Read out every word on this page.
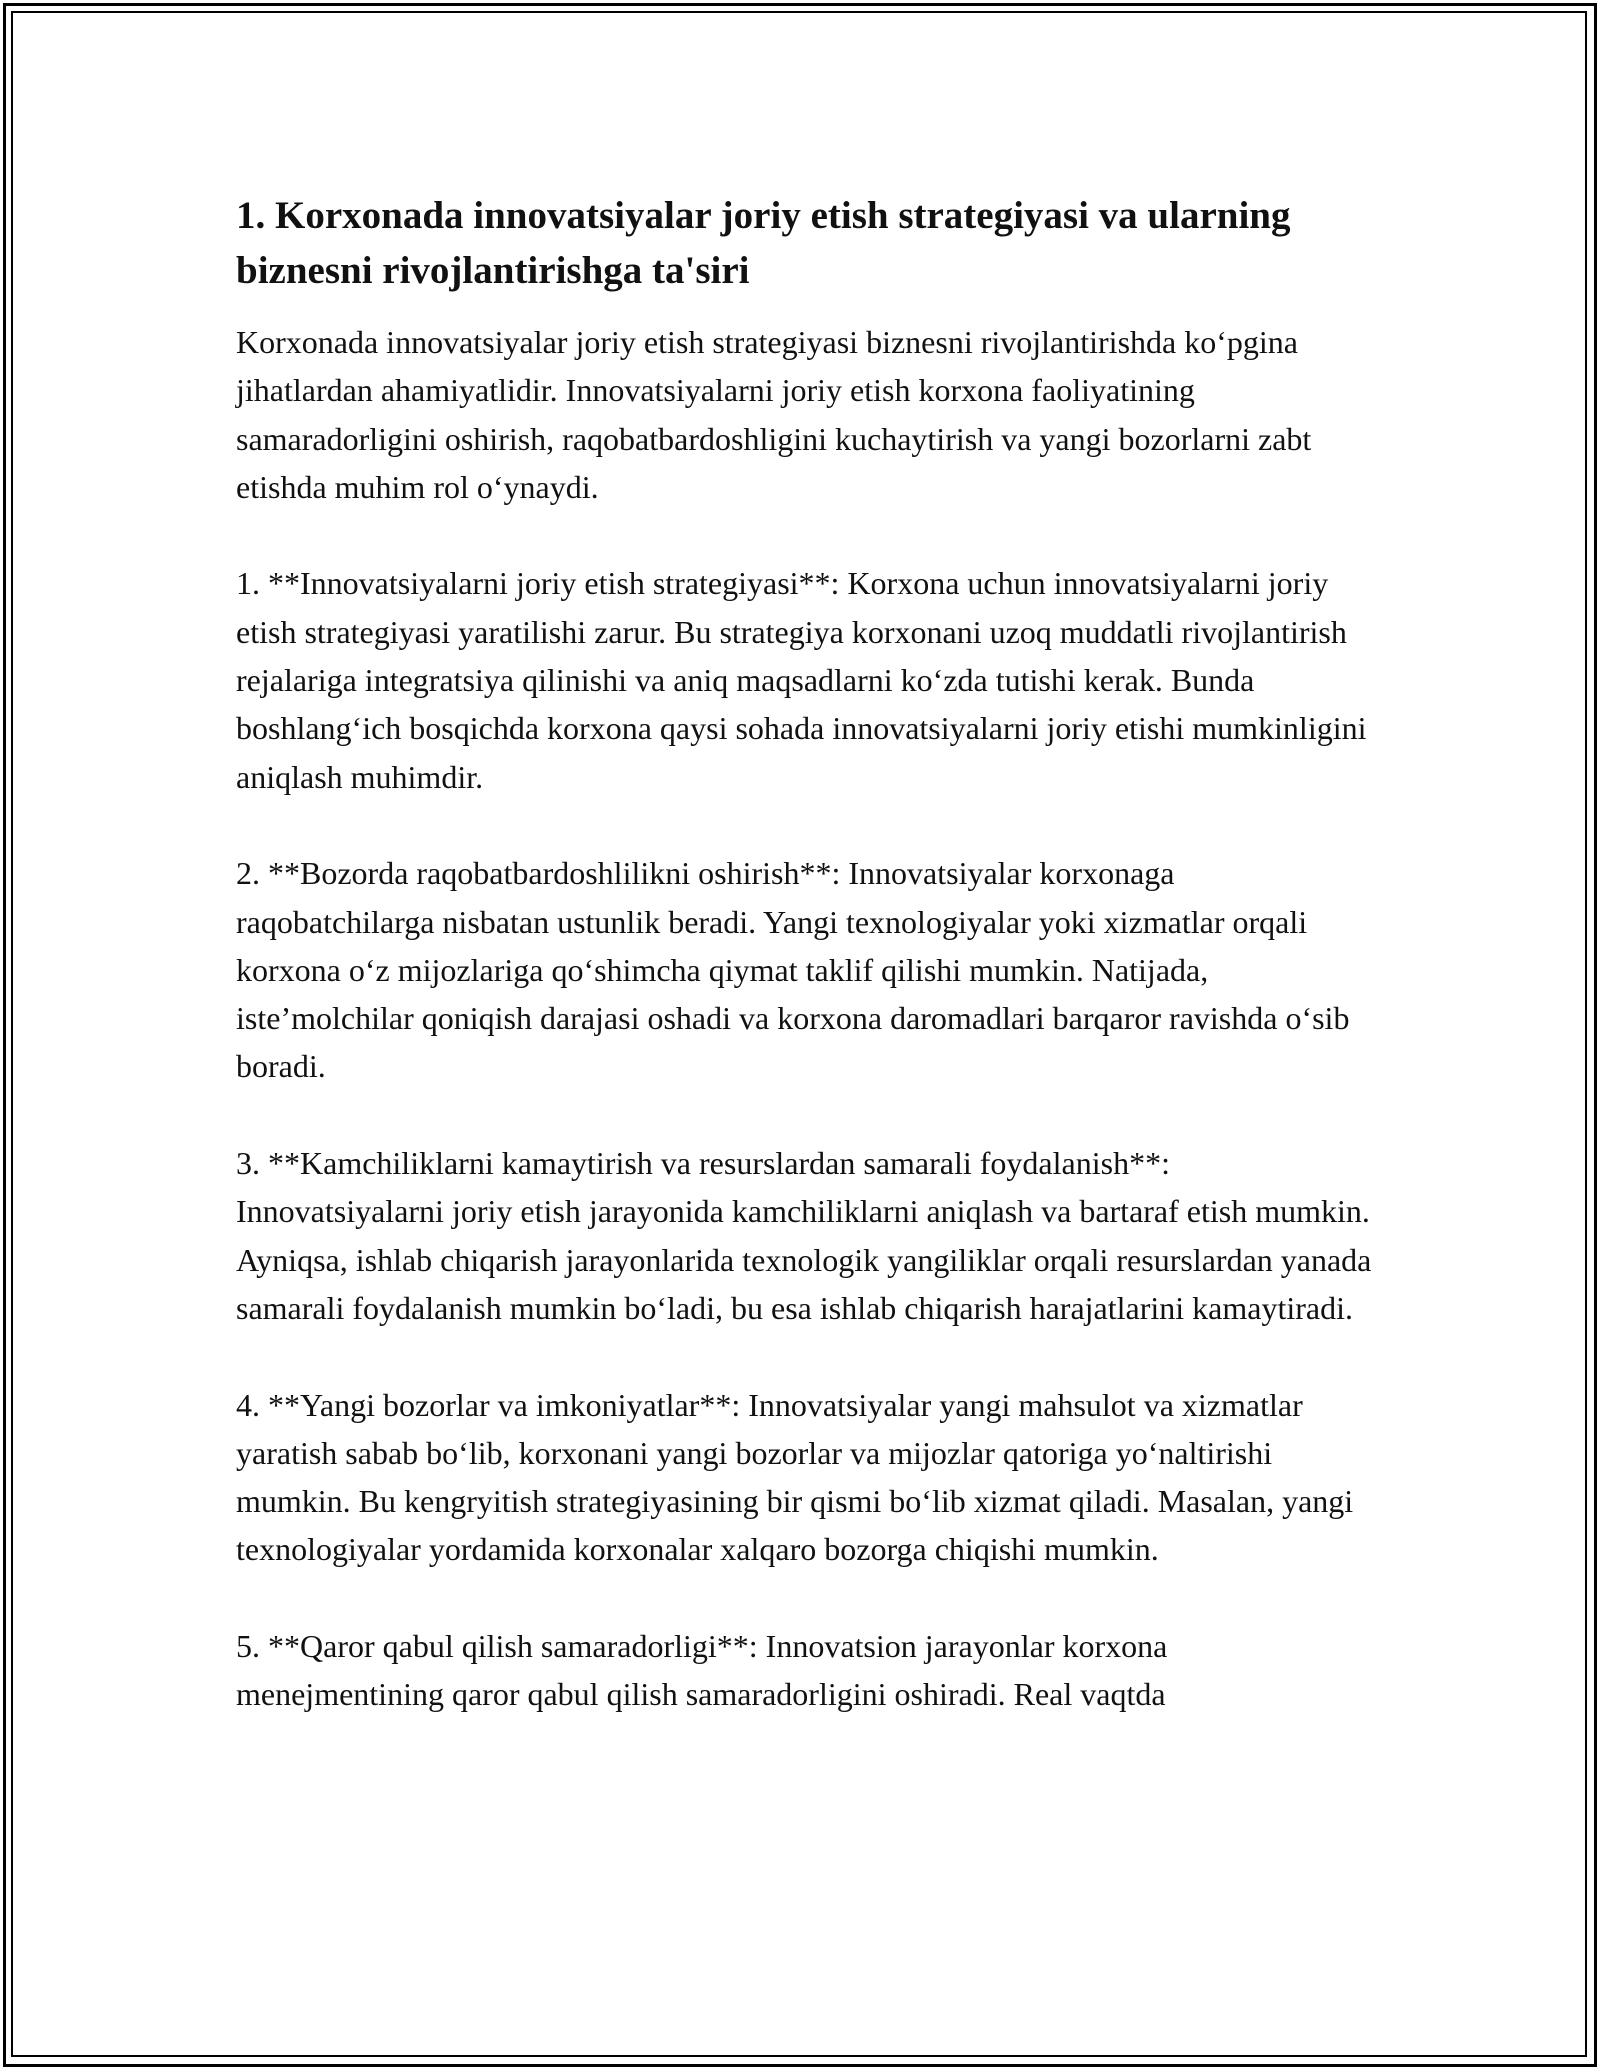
1. Korxonada innovatsiyalar joriy etish strategiyasi va ularning biznesni rivojlantirishga ta'siri

Korxonada innovatsiyalar joriy etish strategiyasi biznesni rivojlantirishda ko‘pgina jihatlardan ahamiyatlidir. Innovatsiyalarni joriy etish korxona faoliyatining samaradorligini oshirish, raqobatbardoshligini kuchaytirish va yangi bozorlarni zabt etishda muhim rol o‘ynaydi.

1. **Innovatsiyalarni joriy etish strategiyasi**: Korxona uchun innovatsiyalarni joriy etish strategiyasi yaratilishi zarur. Bu strategiya korxonani uzoq muddatli rivojlantirish rejalariga integratsiya qilinishi va aniq maqsadlarni ko‘zda tutishi kerak. Bunda boshlang‘ich bosqichda korxona qaysi sohada innovatsiyalarni joriy etishi mumkinligini aniqlash muhimdir.

2. **Bozorda raqobatbardoshlilikni oshirish**: Innovatsiyalar korxonaga raqobatchilarga nisbatan ustunlik beradi. Yangi texnologiyalar yoki xizmatlar orqali korxona o‘z mijozlariga qo‘shimcha qiymat taklif qilishi mumkin. Natijada, iste’molchilar qoniqish darajasi oshadi va korxona daromadlari barqaror ravishda o‘sib boradi.

3. **Kamchiliklarni kamaytirish va resurslardan samarali foydalanish**: Innovatsiyalarni joriy etish jarayonida kamchiliklarni aniqlash va bartaraf etish mumkin. Ayniqsa, ishlab chiqarish jarayonlarida texnologik yangiliklar orqali resurslardan yanada samarali foydalanish mumkin bo‘ladi, bu esa ishlab chiqarish harajatlarini kamaytiradi.

4. **Yangi bozorlar va imkoniyatlar**: Innovatsiyalar yangi mahsulot va xizmatlar yaratish sabab bo‘lib, korxonani yangi bozorlar va mijozlar qatoriga yo‘naltirishi mumkin. Bu kengryitish strategiyasining bir qismi bo‘lib xizmat qiladi. Masalan, yangi texnologiyalar yordamida korxonalar xalqaro bozorga chiqishi mumkin.

5. **Qaror qabul qilish samaradorligi**: Innovatsion jarayonlar korxona menejmentining qaror qabul qilish samaradorligini oshiradi. Real vaqtda
